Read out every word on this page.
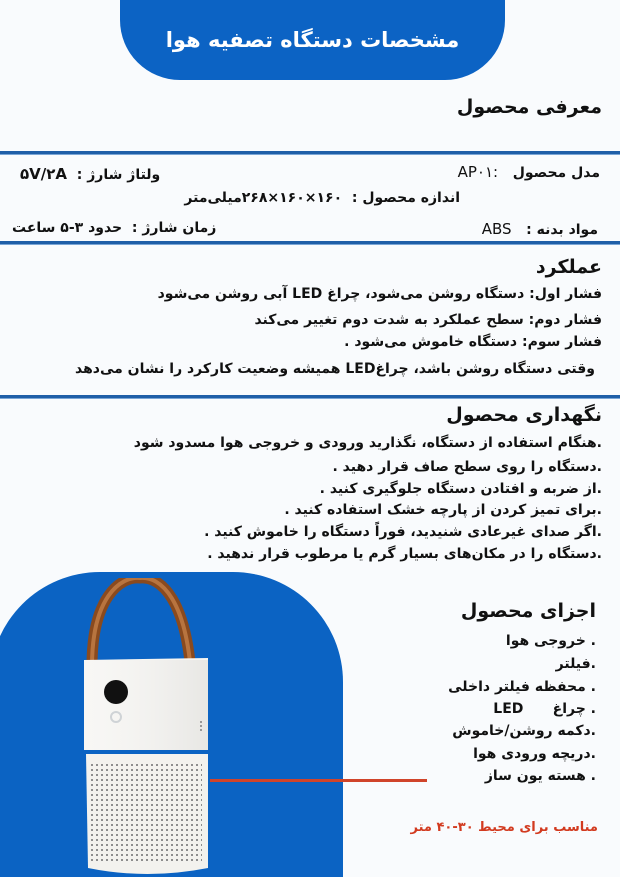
مشخصات دستگاه تصفیه هوا
معرفی محصول
مدل محصول   AP۰۱:
ولتاژ شارژ :  ۵V/۲A
اندازه محصول :  ۱۶۰×۱۶۰×۲۶۸میلی‌متر
مواد بدنه :   ABS
زمان شارژ :  حدود ۳-۵ ساعت
عملکرد
فشار اول: دستگاه روشن می‌شود، چراغ LED آبی روشن می‌شود
فشار دوم: سطح عملکرد به شدت دوم تغییر می‌کند
فشار سوم: دستگاه خاموش می‌شود .
وقتی دستگاه روشن باشد، چراغLED همیشه وضعیت کارکرد را نشان می‌دهد
نگهداری محصول
.هنگام استفاده از دستگاه، نگذارید ورودی و خروجی هوا مسدود شود
.دستگاه را روی سطح صاف قرار دهید .
.از ضربه و افتادن دستگاه جلوگیری کنید .
.برای تمیز کردن از پارچه خشک استفاده کنید .
.اگر صدای غیرعادی شنیدید، فوراً دستگاه را خاموش کنید .
.دستگاه را در مکان‌های بسیار گرم یا مرطوب قرار ندهید .
اجزای محصول
. خروجی هوا
.فیلتر
. محفظه فیلتر داخلی
. چراغ      LED
.دکمه روشن/خاموش
.دریچه ورودی هوا
. هسته یون ساز
مناسب برای محیط ۳۰-۴۰ متر
